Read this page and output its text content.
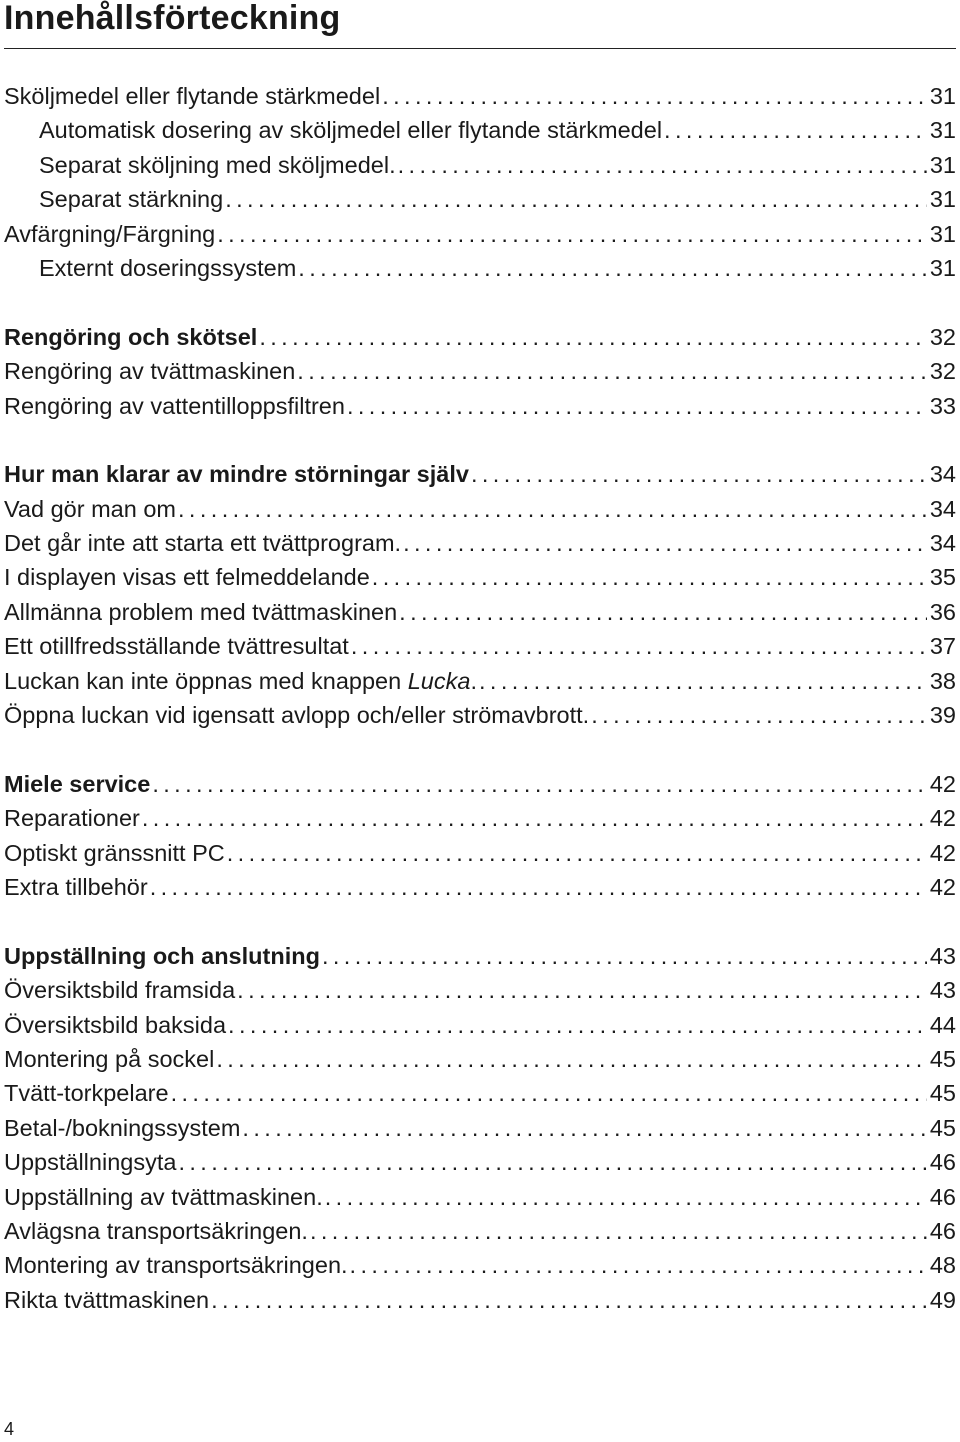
Innehållsförteckning
Sköljmedel eller flytande stärkmedel .....	31
Automatisk dosering av sköljmedel eller flytande stärkmedel .....	31
Separat sköljning med sköljmedel. .....	31
Separat stärkning .....	31
Avfärgning/Färgning .....	31
Externt doseringssystem .....	31
Rengöring och skötsel .....	32
Rengöring av tvättmaskinen .....	32
Rengöring av vattentilloppsfiltren .....	33
Hur man klarar av mindre störningar själv .....	34
Vad gör man om .....	34
Det går inte att starta ett tvättprogram. .....	34
I displayen visas ett felmeddelande .....	35
Allmänna problem med tvättmaskinen .....	36
Ett otillfredsställande tvättresultat .....	37
Luckan kan inte öppnas med knappen Lucka. .....	38
Öppna luckan vid igensatt avlopp och/eller strömavbrott. .....	39
Miele service .....	42
Reparationer .....	42
Optiskt gränssnitt PC .....	42
Extra tillbehör .....	42
Uppställning och anslutning .....	43
Översiktsbild framsida .....	43
Översiktsbild baksida .....	44
Montering på sockel .....	45
Tvätt-torkpelare .....	45
Betal-/bokningssystem .....	45
Uppställningsyta .....	46
Uppställning av tvättmaskinen. .....	46
Avlägsna transportsäkringen. .....	46
Montering av transportsäkringen. .....	48
Rikta tvättmaskinen .....	49
4
